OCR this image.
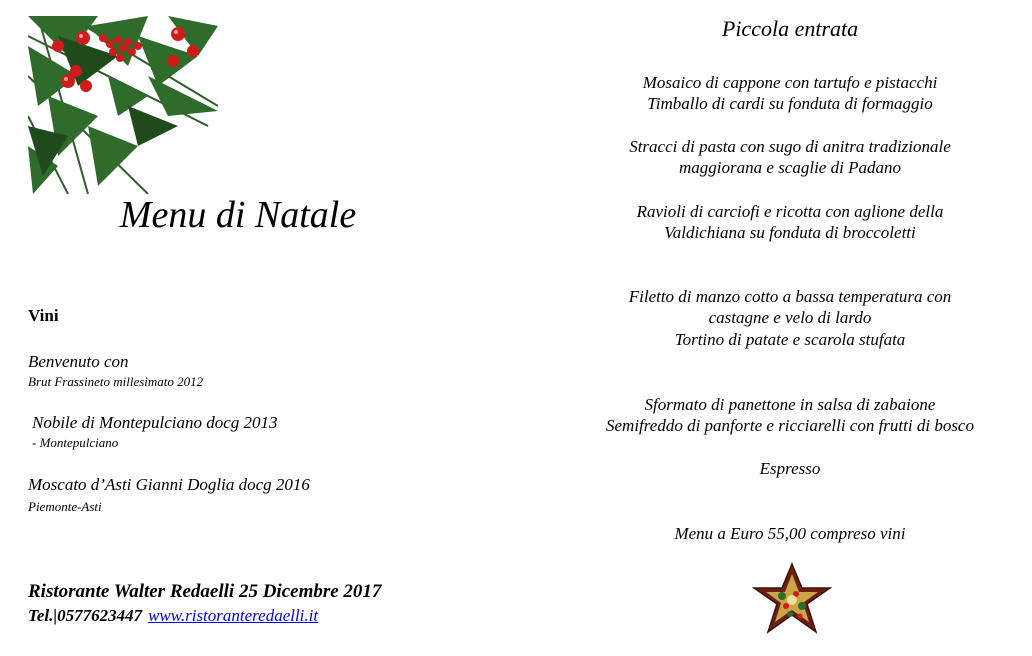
Menu di Natale
Vini
Benvenuto con
Brut Frassineto millesimato 2012
Nobile di Montepulciano docg 2013
- Montepulciano
Moscato d’Asti Gianni Doglia docg 2016
Piemonte-Asti
Ristorante Walter Redaelli 25 Dicembre 2017
Tel.|0577623447 www.ristoranteredaelli.it
Piccola entrata
Mosaico di cappone con tartufo e pistacchi
Timballo di cardi su fonduta di formaggio
Stracci di pasta con sugo di anitra tradizionale
maggiorana e scaglie di Padano
Ravioli di carciofi e ricotta con aglione della
Valdichiana su fonduta di broccoletti
Filetto di manzo cotto a bassa temperatura con
castagne e velo di lardo
Tortino di patate e scarola stufata
Sformato di panettone in salsa di zabaione
Semifreddo di panforte e ricciarelli con frutti di bosco
Espresso
Menu a Euro 55,00 compreso vini
